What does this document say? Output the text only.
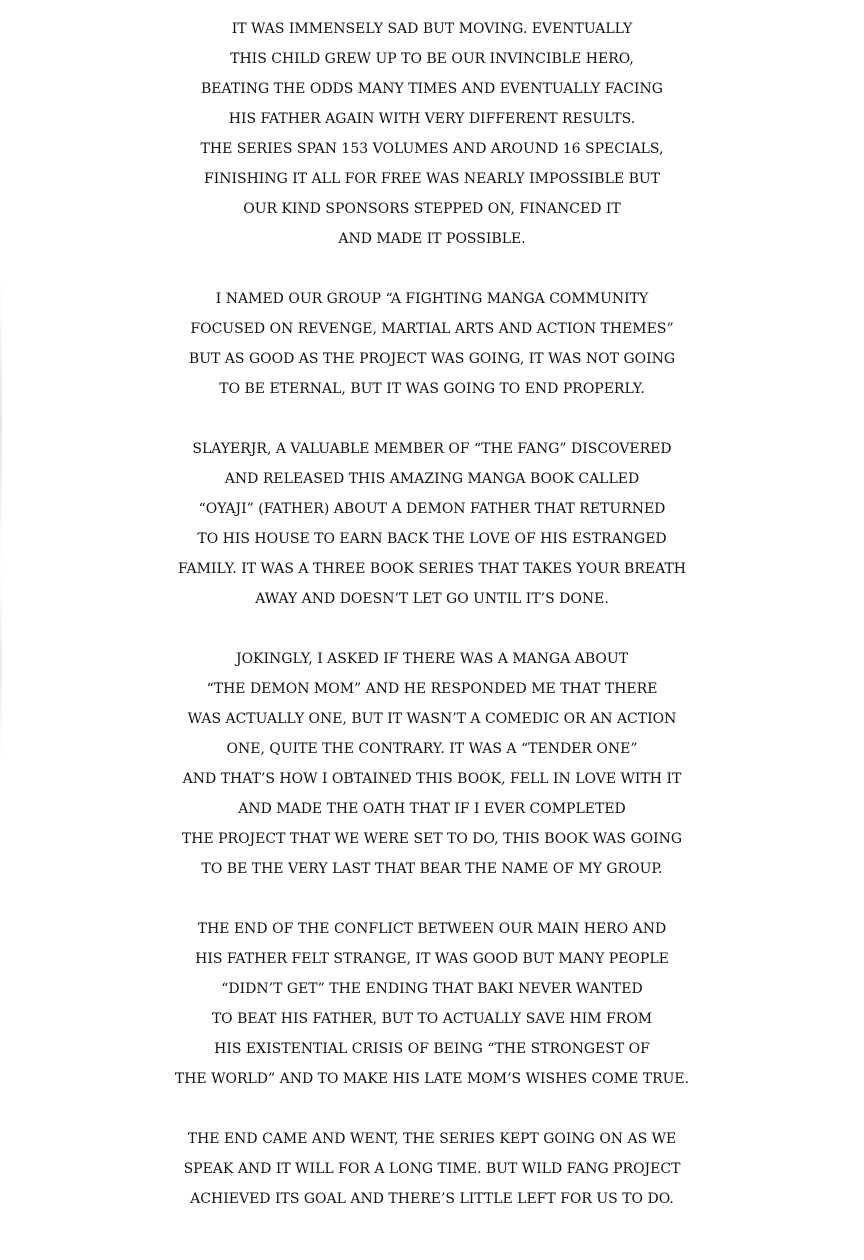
IT WAS IMMENSELY SAD BUT MOVING. EVENTUALLY
THIS CHILD GREW UP TO BE OUR INVINCIBLE HERO,
BEATING THE ODDS MANY TIMES AND EVENTUALLY FACING
HIS FATHER AGAIN WITH VERY DIFFERENT RESULTS.
THE SERIES SPAN 153 VOLUMES AND AROUND 16 SPECIALS,
FINISHING IT ALL FOR FREE WAS NEARLY IMPOSSIBLE BUT
OUR KIND SPONSORS STEPPED ON, FINANCED IT
AND MADE IT POSSIBLE.
I NAMED OUR GROUP “A FIGHTING MANGA COMMUNITY
FOCUSED ON REVENGE, MARTIAL ARTS AND ACTION THEMES”
BUT AS GOOD AS THE PROJECT WAS GOING, IT WAS NOT GOING
TO BE ETERNAL, BUT IT WAS GOING TO END PROPERLY.
SLAYERJR, A VALUABLE MEMBER OF “THE FANG” DISCOVERED
AND RELEASED THIS AMAZING MANGA BOOK CALLED
“OYAJI” (FATHER) ABOUT A DEMON FATHER THAT RETURNED
TO HIS HOUSE TO EARN BACK THE LOVE OF HIS ESTRANGED
FAMILY. IT WAS A THREE BOOK SERIES THAT TAKES YOUR BREATH
AWAY AND DOESN’T LET GO UNTIL IT’S DONE.
JOKINGLY, I ASKED IF THERE WAS A MANGA ABOUT
“THE DEMON MOM” AND HE RESPONDED ME THAT THERE
WAS ACTUALLY ONE, BUT IT WASN’T A COMEDIC OR AN ACTION
ONE, QUITE THE CONTRARY. IT WAS A “TENDER ONE”
AND THAT’S HOW I OBTAINED THIS BOOK, FELL IN LOVE WITH IT
AND MADE THE OATH THAT IF I EVER COMPLETED
THE PROJECT THAT WE WERE SET TO DO, THIS BOOK WAS GOING
TO BE THE VERY LAST THAT BEAR THE NAME OF MY GROUP.
THE END OF THE CONFLICT BETWEEN OUR MAIN HERO AND
HIS FATHER FELT STRANGE, IT WAS GOOD BUT MANY PEOPLE
“DIDN’T GET” THE ENDING THAT BAKI NEVER WANTED
TO BEAT HIS FATHER, BUT TO ACTUALLY SAVE HIM FROM
HIS EXISTENTIAL CRISIS OF BEING “THE STRONGEST OF
THE WORLD” AND TO MAKE HIS LATE MOM’S WISHES COME TRUE.
THE END CAME AND WENT, THE SERIES KEPT GOING ON AS WE
SPEAK AND IT WILL FOR A LONG TIME. BUT WILD FANG PROJECT
ACHIEVED ITS GOAL AND THERE’S LITTLE LEFT FOR US TO DO.
